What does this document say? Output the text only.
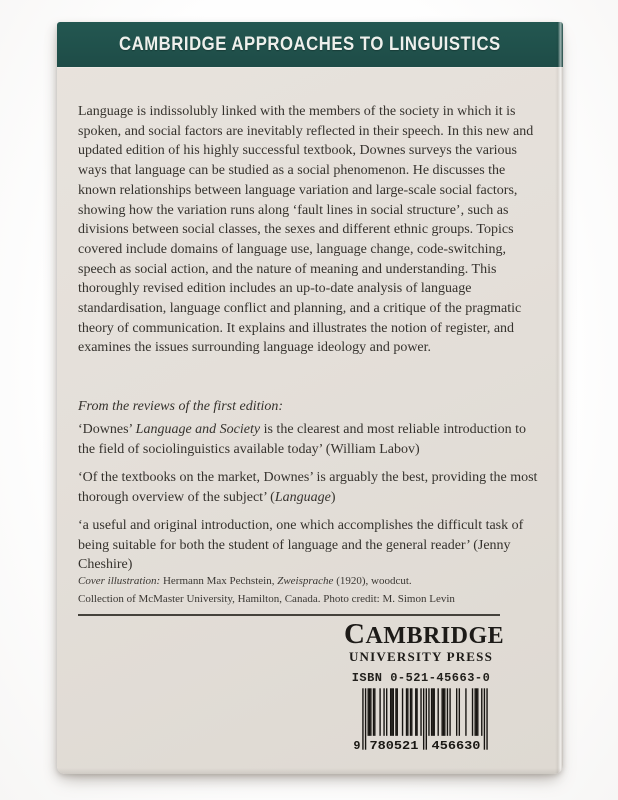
CAMBRIDGE APPROACHES TO LINGUISTICS
Language is indissolubly linked with the members of the society in which it is spoken, and social factors are inevitably reflected in their speech. In this new and updated edition of his highly successful textbook, Downes surveys the various ways that language can be studied as a social phenomenon. He discusses the known relationships between language variation and large-scale social factors, showing how the variation runs along ‘fault lines in social structure’, such as divisions between social classes, the sexes and different ethnic groups. Topics covered include domains of language use, language change, code-switching, speech as social action, and the nature of meaning and understanding. This thoroughly revised edition includes an up-to-date analysis of language standardisation, language conflict and planning, and a critique of the pragmatic theory of communication. It explains and illustrates the notion of register, and examines the issues surrounding language ideology and power.
From the reviews of the first edition:
‘Downes’ Language and Society is the clearest and most reliable introduction to the field of sociolinguistics available today’ (William Labov)
‘Of the textbooks on the market, Downes’ is arguably the best, providing the most thorough overview of the subject’ (Language)
‘a useful and original introduction, one which accomplishes the difficult task of being suitable for both the student of language and the general reader’ (Jenny Cheshire)
Cover illustration: Hermann Max Pechstein, Zweisprache (1920), woodcut.
Collection of McMaster University, Hamilton, Canada. Photo credit: M. Simon Levin
CAMBRIDGE
UNIVERSITY PRESS
ISBN 0-521-45663-0
9 780521 456630
